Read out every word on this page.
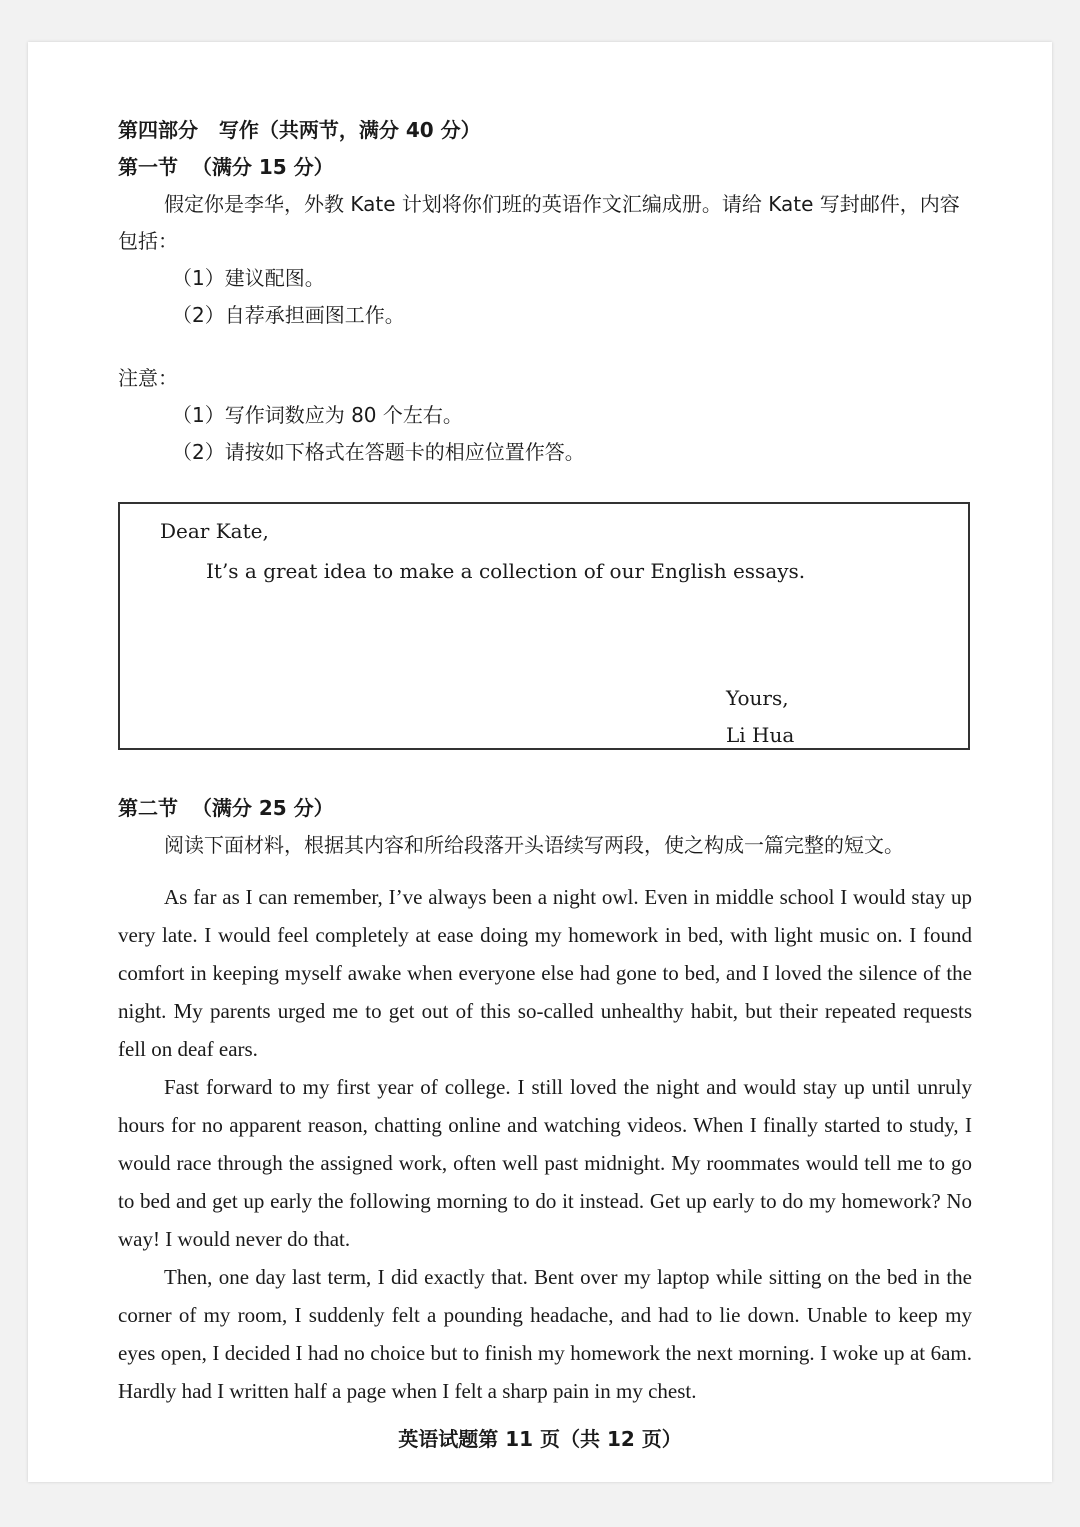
第四部分   写作（共两节，满分 40 分）

第一节  （满分 15 分）

假定你是李华，外教 Kate 计划将你们班的英语作文汇编成册。请给 Kate 写封邮件，内容包括：

（1）建议配图。

（2）自荐承担画图工作。

注意：

（1）写作词数应为 80 个左右。

（2）请按如下格式在答题卡的相应位置作答。

Dear Kate,
It’s a great idea to make a collection of our English essays.
Yours,
Li Hua

第二节  （满分 25 分）

阅读下面材料，根据其内容和所给段落开头语续写两段，使之构成一篇完整的短文。

As far as I can remember, I’ve always been a night owl. Even in middle school I would stay up very late. I would feel completely at ease doing my homework in bed, with light music on. I found comfort in keeping myself awake when everyone else had gone to bed, and I loved the silence of the night. My parents urged me to get out of this so-called unhealthy habit, but their repeated requests fell on deaf ears.

Fast forward to my first year of college. I still loved the night and would stay up until unruly hours for no apparent reason, chatting online and watching videos. When I finally started to study, I would race through the assigned work, often well past midnight. My roommates would tell me to go to bed and get up early the following morning to do it instead. Get up early to do my homework? No way! I would never do that.

Then, one day last term, I did exactly that. Bent over my laptop while sitting on the bed in the corner of my room, I suddenly felt a pounding headache, and had to lie down. Unable to keep my eyes open, I decided I had no choice but to finish my homework the next morning. I woke up at 6am. Hardly had I written half a page when I felt a sharp pain in my chest.

英语试题第 11 页（共 12 页）
